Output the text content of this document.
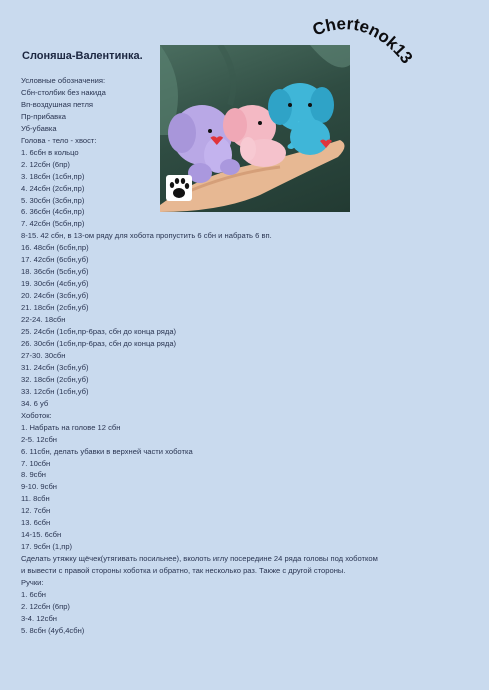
Слоняша-Валентинка.
Chertenok13
Условные обозначения:
Сбн-столбик без накида
Вп-воздушная петля
Пр-прибавка
Уб-убавка
Голова - тело - хвост:
1. 6сбн в кольцо
2. 12сбн (6пр)
3. 18сбн (1сбн,пр)
4. 24сбн (2сбн,пр)
5. 30сбн (3сбн,пр)
6. 36сбн (4сбн,пр)
7. 42сбн (5сбн,пр)
8-15. 42 сбн, в 13-ом ряду для хобота пропустить 6 сбн и набрать 6 вп.
16. 48сбн (6сбн,пр)
17. 42сбн (6сбн,уб)
18. 36сбн (5сбн,уб)
19. 30сбн (4сбн,уб)
20. 24сбн (3сбн,уб)
21. 18сбн (2сбн,уб)
22-24. 18сбн
25. 24сбн (1сбн,пр-6раз, сбн до конца ряда)
26. 30сбн (1сбн,пр-6раз, сбн до конца ряда)
27-30. 30сбн
31. 24сбн (3сбн,уб)
32. 18сбн (2сбн,уб)
33. 12сбн (1сбн,уб)
34. 6 уб
Хоботок:
1. Набрать на голове 12 сбн
2-5. 12сбн
6. 11сбн, делать убавки в верхней части хоботка
7. 10сбн
8. 9сбн
9-10. 9сбн
11. 8сбн
12. 7сбн
13. 6сбн
14-15. 6сбн
17. 9сбн (1,пр)
Сделать утяжку щёчек(утягивать посильнее), вколоть иглу посередине 24 ряда головы под хоботком
и вывести с правой стороны хоботка и обратно, так несколько раз. Также с другой стороны.
Ручки:
1. 6сбн
2. 12сбн (6пр)
3-4. 12сбн
5. 8сбн (4уб,4сбн)
